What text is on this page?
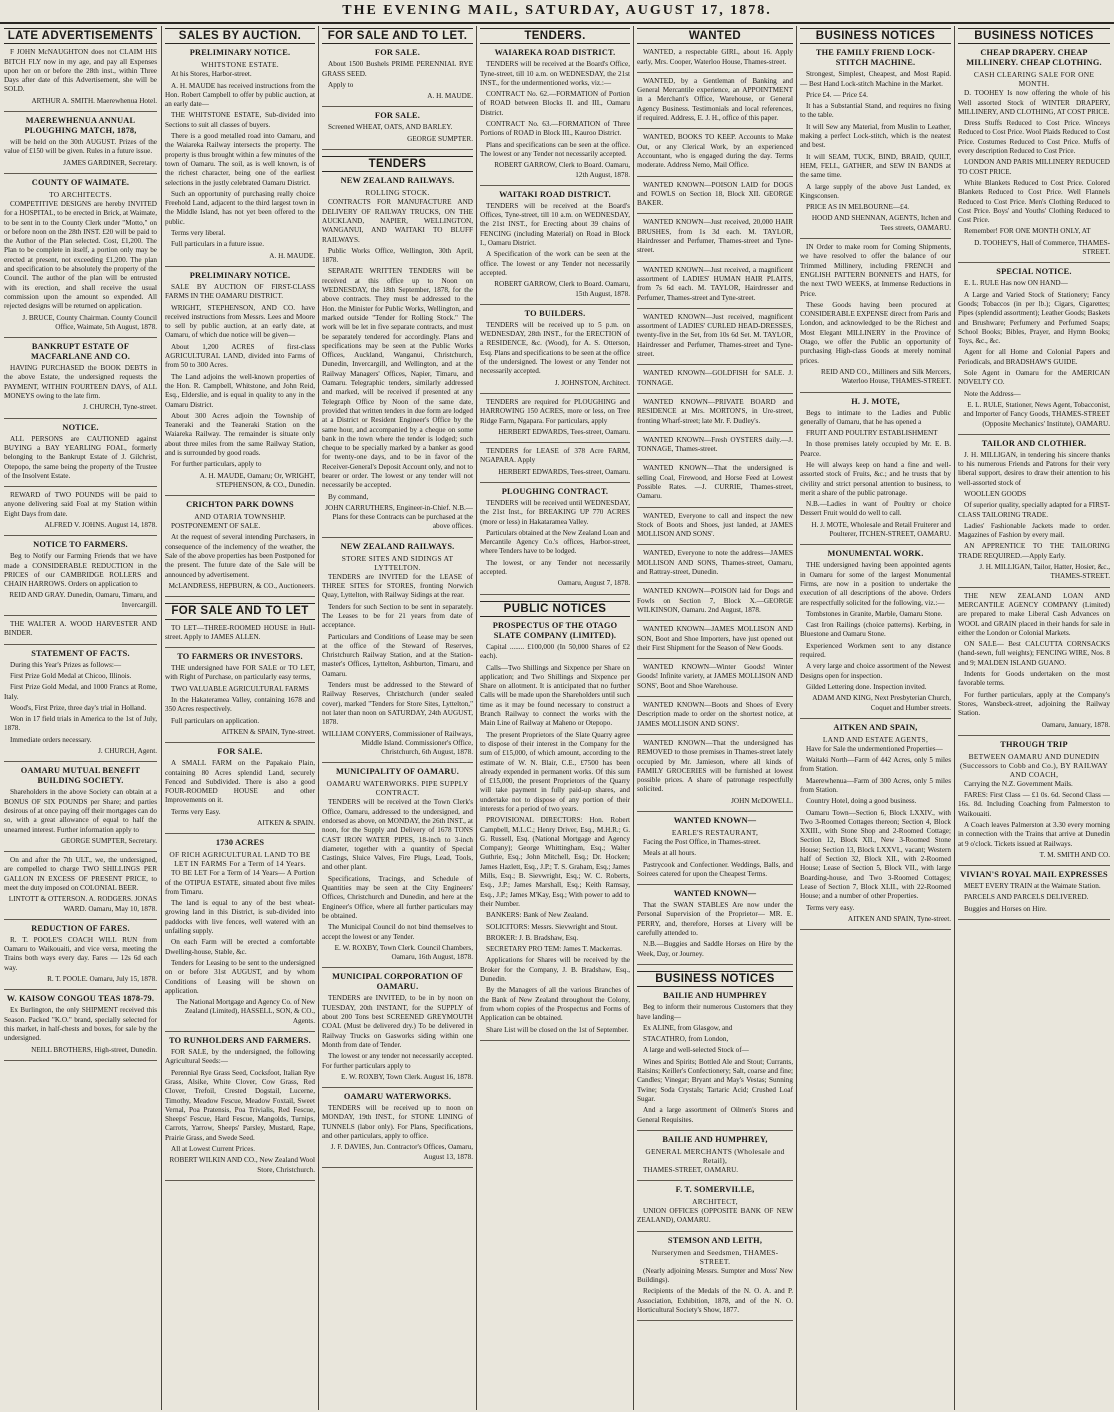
THE EVENING MAIL, SATURDAY, AUGUST 17, 1878.
LATE ADVERTISEMENTS

F JOHN McNAUGHTON does not CLAIM HIS BITCH FLY now in my age, and pay all Expenses upon her on or before the 28th inst., within Three Days after date of this Advertisement, she will be SOLD.

ARTHUR A. SMITH. Maerewhenua Hotel.

MAEREWHENUA ANNUAL PLOUGHING MATCH, 1878,

will be held on the 30th AUGUST. Prizes of the value of £150 will be given. Rules in a future issue.

JAMES GARDINER, Secretary.

COUNTY OF WAIMATE.
TO ARCHITECTS.

COMPETITIVE DESIGNS are hereby INVITED for a HOSPITAL, to be erected in Brick, at Waimate, to be sent in to the County Clerk under "Motto," on or before noon on the 28th INST. £20 will be paid to the Author of the Plan selected. Cost, £1,200. The Plan to be complete in itself, a portion only may be erected at present, not exceeding £1,200. The plan and specification to be absolutely the property of the Council. The author of the plan will be entrusted with its erection, and shall receive the usual commission upon the amount so expended. All rejected designs will be returned on application.

J. BRUCE, County Chairman. County Council Office, Waimate, 5th August, 1878.

BANKRUPT ESTATE OF MACFARLANE AND CO.

HAVING PURCHASED the BOOK DEBTS in the above Estate, the undersigned requests the PAYMENT, WITHIN FOURTEEN DAYS, of ALL MONEYS owing to the late firm.

J. CHURCH, Tyne-street.

NOTICE.

ALL PERSONS are CAUTIONED against BUYING a BAY YEARLING FOAL, formerly belonging to the Bankrupt Estate of J. Gilchrist, Otepopo, the same being the property of the Trustee of the Insolvent Estate.

REWARD of TWO POUNDS will be paid to anyone delivering said Foal at my Station within Eight Days from date.

ALFRED V. JOHNS. August 14, 1878.

NOTICE TO FARMERS.

Beg to Notify our Farming Friends that we have made a CONSIDERABLE REDUCTION in the PRICES of our CAMBRIDGE ROLLERS and CHAIN HARROWS. Orders on application to

REID AND GRAY. Dunedin, Oamaru, Timaru, and Invercargill.

THE WALTER A. WOOD HARVESTER AND BINDER.

STATEMENT OF FACTS.

During this Year's Prizes as follows:—

First Prize Gold Medal at Chicoo, Illinois.

First Prize Gold Medal, and 1000 Francs at Rome, Italy.

Wood's, First Prize, three day's trial in Holland.

Won in 17 field trials in America to the 1st of July, 1878.

Immediate orders necessary.

J. CHURCH, Agent.

OAMARU MUTUAL BENEFIT BUILDING SOCIETY.

Shareholders in the above Society can obtain at a BONUS OF SIX POUNDS per Share; and parties desirous of at once paying off their mortgages can do so, with a great allowance of equal to half the unearned interest. Further information apply to

GEORGE SUMPTER, Secretary.

On and after the 7th ULT., we, the undersigned, are compelled to charge TWO SHILLINGS PER GALLON IN EXCESS OF PRESENT PRICE, to meet the duty imposed on COLONIAL BEER.

LINTOTT & OTTERSON. A. RODGERS. JONAS WARD. Oamaru, May 10, 1878.

REDUCTION OF FARES.

R. T. POOLE'S COACH WILL RUN from Oamaru to Waikouaiti, and vice versa, meeting the Trains both ways every day. Fares — 12s 6d each way.

R. T. POOLE. Oamaru, July 15, 1878.

W. KAISOW CONGOU TEAS 1878-79.

Ex Burlington, the only SHIPMENT received this Season. Packed "K.O." brand, specially selected for this market, in half-chests and boxes, for sale by the undersigned.

NEILL BROTHERS, High-street, Dunedin.

SALES BY AUCTION.
PRELIMINARY NOTICE.
WHITSTONE ESTATE.

At his Stores, Harbor-street.

A. H. MAUDE has received instructions from the Hon. Robert Campbell to offer by public auction, at an early date—

THE WHITSTONE ESTATE, Sub-divided into Sections to suit all classes of buyers.

There is a good metalled road into Oamaru, and the Waiareka Railway intersects the property. The property is thus brought within a few minutes of the town of Oamaru. The soil, as is well known, is of the richest character, being one of the earliest selections in the justly celebrated Oamaru District.

Such an opportunity of purchasing really choice Freehold Land, adjacent to the third largest town in the Middle Island, has not yet been offered to the public.

Terms very liberal.

Full particulars in a future issue.

A. H. MAUDE.

PRELIMINARY NOTICE.

SALE BY AUCTION OF FIRST-CLASS FARMS IN THE OAMARU DISTRICT.

WRIGHT, STEPHENSON, AND CO. have received instructions from Messrs. Lees and Moore to sell by public auction, at an early date, at Oamaru, of which due notice will be given—

About 1,200 ACRES of first-class AGRICULTURAL LAND, divided into Farms of from 50 to 300 Acres.

The Land adjoins the well-known properties of the Hon. R. Campbell, Whitstone, and John Reid, Esq., Elderslie, and is equal in quality to any in the Oamaru District.

About 300 Acres adjoin the Township of Teaneraki and the Teaneraki Station on the Waiareka Railway. The remainder is situate only about three miles from the same Railway Station, and is surrounded by good roads.

For further particulars, apply to

A. H. MAUDE, Oamaru; Or, WRIGHT, STEPHENSON, & CO., Dunedin.

CRICHTON PARK DOWNS
AND OTARIA TOWNSHIP.

POSTPONEMENT OF SALE.

At the request of several intending Purchasers, in consequence of the inclemency of the weather, the Sale of the above properties has been Postponed for the present. The future date of the Sale will be announced by advertisement.

McLANDRESS, HEPBURN, & CO., Auctioneers.

FOR SALE AND TO LET

TO LET—THREE-ROOMED HOUSE in Hull-street. Apply to JAMES ALLEN.

TO FARMERS OR INVESTORS.

THE undersigned have FOR SALE or TO LET, with Right of Purchase, on particularly easy terms,

TWO VALUABLE AGRICULTURAL FARMS

In the Hakateramea Valley, containing 1678 and 350 Acres respectively.

Full particulars on application.

AITKEN & SPAIN, Tyne-street.

FOR SALE.

A SMALL FARM on the Papakaio Plain, containing 80 Acres splendid Land, securely Fenced and Subdivided. There is also a good FOUR-ROOMED HOUSE and other Improvements on it.

Terms very Easy.

AITKEN & SPAIN.

1730 ACRES
OF RICH AGRICULTURAL LAND TO BE LET IN FARMS For a Term of 14 Years.

TO BE LET For a Term of 14 Years— A Portion of the OTIPUA ESTATE, situated about five miles from Timaru.

The land is equal to any of the best wheat-growing land in this District, is sub-divided into paddocks with live fences, well watered with an unfailing supply.

On each Farm will be erected a comfortable Dwelling-house, Stable, &c.

Tenders for Leasing to be sent to the undersigned on or before 31st AUGUST, and by whom Conditions of Leasing will be shown on application.

The National Mortgage and Agency Co. of New Zealand (Limited), HASSELL, SON, & CO., Agents.

TO RUNHOLDERS AND FARMERS.

FOR SALE, by the undersigned, the following Agricultural Seeds:—

Perennial Rye Grass Seed, Cocksfoot, Italian Rye Grass, Alsike, White Clover, Cow Grass, Red Clover, Trefoil, Crested Dogstail, Lucerne, Timothy, Meadow Fescue, Meadow Foxtail, Sweet Vernal, Poa Pratensis, Poa Trivialis, Red Fescue, Sheeps' Fescue, Hard Fescue, Mangolds, Turnips, Carrots, Yarrow, Sheeps' Parsley, Mustard, Rape, Prairie Grass, and Swede Seed.

All at Lowest Current Prices.

ROBERT WILKIN AND CO., New Zealand Wool Store, Christchurch.

FOR SALE AND TO LET.
FOR SALE.

About 1500 Bushels PRIME PERENNIAL RYE GRASS SEED.

Apply to

A. H. MAUDE.

FOR SALE.

Screened WHEAT, OATS, AND BARLEY.

GEORGE SUMPTER.

TENDERS
NEW ZEALAND RAILWAYS.
ROLLING STOCK.

CONTRACTS FOR MANUFACTURE AND DELIVERY OF RAILWAY TRUCKS, ON THE AUCKLAND, NAPIER, WELLINGTON, WANGANUI, AND WAITAKI TO BLUFF RAILWAYS.

Public Works Office, Wellington, 30th April, 1878.

SEPARATE WRITTEN TENDERS will be received at this office up to Noon on WEDNESDAY, the 18th September, 1878, for the above contracts. They must be addressed to the Hon. the Minister for Public Works, Wellington, and marked outside "Tender for Rolling Stock." The work will be let in five separate contracts, and must be separately tendered for accordingly. Plans and specifications may be seen at the Public Works Offices, Auckland, Wanganui, Christchurch, Dunedin, Invercargill, and Wellington, and at the Railway Managers' Offices, Napier, Timaru, and Oamaru. Telegraphic tenders, similarly addressed and marked, will be received if presented at any Telegraph Office by Noon of the same date, provided that written tenders in due form are lodged at a District or Resident Engineer's Office by the same hour, and accompanied by a cheque on some bank in the town where the tender is lodged; such cheque to be specially marked by a banker as good for twenty-one days, and to be in favor of the Receiver-General's Deposit Account only, and not to bearer or order. The lowest or any tender will not necessarily be accepted.

By command,

JOHN CARRUTHERS, Engineer-in-Chief. N.B.—Plans for these Contracts can be purchased at the above offices.

NEW ZEALAND RAILWAYS.
STORE SITES AND SIDINGS AT LYTTELTON.

TENDERS are INVITED for the LEASE of THREE SITES for STORES, fronting Norwich Quay, Lyttelton, with Railway Sidings at the rear.

Tenders for such Section to be sent in separately. The Leases to be for 21 years from date of acceptance.

Particulars and Conditions of Lease may be seen at the office of the Steward of Reserves, Christchurch Railway Station, and at the Station-master's Offices, Lyttelton, Ashburton, Timaru, and Oamaru.

Tenders must be addressed to the Steward of Railway Reserves, Christchurch (under sealed cover), marked "Tenders for Store Sites, Lyttelton," not later than noon on SATURDAY, 24th AUGUST, 1878.

WILLIAM CONYERS, Commissioner of Railways, Middle Island. Commissioner's Office, Christchurch, 6th August, 1878.

MUNICIPALITY OF OAMARU.
OAMARU WATERWORKS. PIPE SUPPLY CONTRACT.

TENDERS will be received at the Town Clerk's Office, Oamaru, addressed to the undersigned, and endorsed as above, on MONDAY, the 26th INST., at noon, for the Supply and Delivery of 1678 TONS CAST IRON WATER PIPES, 18-inch to 3-inch diameter, together with a quantity of Special Castings, Sluice Valves, Fire Plugs, Lead, Tools, and other plant.

Specifications, Tracings, and Schedule of Quantities may be seen at the City Engineers' Offices, Christchurch and Dunedin, and here at the Engineer's Office, where all further particulars may be obtained.

The Municipal Council do not bind themselves to accept the lowest or any Tender.

E. W. ROXBY, Town Clerk. Council Chambers, Oamaru, 16th August, 1878.

MUNICIPAL CORPORATION OF OAMARU.

TENDERS are INVITED, to be in by noon on TUESDAY, 20th INSTANT, for the SUPPLY of about 200 Tons best SCREENED GREYMOUTH COAL (Must be delivered dry.) To be delivered in Railway Trucks on Gasworks siding within one Month from date of Tender.

The lowest or any tender not necessarily accepted. For further particulars apply to

E. W. ROXBY, Town Clerk. August 16, 1878.

OAMARU WATERWORKS.

TENDERS will be received up to noon on MONDAY, 19th INST., for STONE LINING of TUNNELS (labor only). For Plans, Specifications, and other particulars, apply to office.

J. F. DAVIES, Jun. Contractor's Offices, Oamaru, August 13, 1878.

TENDERS.
WAIAREKA ROAD DISTRICT.

TENDERS will be received at the Board's Office, Tyne-street, till 10 a.m. on WEDNESDAY, the 21st INST., for the undermentioned works, viz.:—

CONTRACT No. 62.—FORMATION of Portion of ROAD between Blocks II. and III., Oamaru District.

CONTRACT No. 63.—FORMATION of Three Portions of ROAD in Block III., Kauroo District.

Plans and specifications can be seen at the office. The lowest or any Tender not necessarily accepted.

ROBERT GARROW, Clerk to Board. Oamaru, 12th August, 1878.

WAITAKI ROAD DISTRICT.

TENDERS will be received at the Board's Offices, Tyne-street, till 10 a.m. on WEDNESDAY, the 21st INST., for Erecting about 39 chains of FENCING (including Material) on Road in Block I., Oamaru District.

A Specification of the work can be seen at the office. The lowest or any Tender not necessarily accepted.

ROBERT GARROW, Clerk to Board. Oamaru, 15th August, 1878.

TO BUILDERS.

TENDERS will be received up to 5 p.m. on WEDNESDAY, 28th INST., for the ERECTION of a RESIDENCE, &c. (Wood), for A. S. Otterson, Esq. Plans and specifications to be seen at the office of the undersigned. The lowest or any Tender not necessarily accepted.

J. JOHNSTON, Architect.

TENDERS are required for PLOUGHING and HARROWING 150 ACRES, more or less, on Tree Ridge Farm, Ngapara. For particulars, apply

HERBERT EDWARDS, Tees-street, Oamaru.

TENDERS for LEASE of 378 Acre FARM, NGAPARA. Apply

HERBERT EDWARDS, Tees-street, Oamaru.

PLOUGHING CONTRACT.

TENDERS will be received until WEDNESDAY, the 21st Inst., for BREAKING UP 770 ACRES (more or less) in Hakataramea Valley.

Particulars obtained at the New Zealand Loan and Mercantile Agency Co.'s offices, Harbor-street, where Tenders have to be lodged.

The lowest, or any Tender not necessarily accepted.

Oamaru, August 7, 1878.

PUBLIC NOTICES
PROSPECTUS OF THE OTAGO SLATE COMPANY (LIMITED).

Capital ........ £100,000 (In 50,000 Shares of £2 each).

Calls—Two Shillings and Sixpence per Share on application; and Two Shillings and Sixpence per Share on allotment. It is anticipated that no further Calls will be made upon the Shareholders until such time as it may be found necessary to construct a Branch Railway to connect the works with the Main Line of Railway at Maheno or Otepopo.

The present Proprietors of the Slate Quarry agree to dispose of their interest in the Company for the sum of £15,000, of which amount, according to the estimate of W. N. Blair, C.E., £7500 has been already expended in permanent works. Of this sum of £15,000, the present Proprietors of the Quarry will take payment in fully paid-up shares, and undertake not to dispose of any portion of their interests for a period of two years.

PROVISIONAL DIRECTORS: Hon. Robert Campbell, M.L.C.; Henry Driver, Esq., M.H.R.; G. G. Russell, Esq. (National Mortgage and Agency Company); George Whittingham, Esq.; Walter Guthrie, Esq.; John Mitchell, Esq.; Dr. Hocken; James Hazlett, Esq., J.P.; T. S. Graham, Esq.; James Mills, Esq.; B. Sievwright, Esq.; W. C. Roberts, Esq., J.P.; James Marshall, Esq.; Keith Ramsay, Esq., J.P.; James M'Kay, Esq.; With power to add to their Number.

BANKERS: Bank of New Zealand.

SOLICITORS: Messrs. Sievwright and Stout.

BROKER: J. B. Bradshaw, Esq.

SECRETARY PRO TEM: James T. Mackerras.

Applications for Shares will be received by the Broker for the Company, J. B. Bradshaw, Esq., Dunedin.

By the Managers of all the various Branches of the Bank of New Zealand throughout the Colony, from whom copies of the Prospectus and Forms of Application can be obtained.

Share List will be closed on the 1st of September.

WANTED

WANTED, a respectable GIRL, about 16. Apply early, Mrs. Cooper, Waterloo House, Thames-street.

WANTED, by a Gentleman of Banking and General Mercantile experience, an APPOINTMENT in a Merchant's Office, Warehouse, or General Agency Business. Testimonials and local references, if required. Address, E. J. H., office of this paper.

WANTED, BOOKS TO KEEP. Accounts to Make Out, or any Clerical Work, by an experienced Accountant, who is engaged during the day. Terms moderate. Address Nemo, Mail Office.

WANTED KNOWN—POISON LAID for DOGS and FOWLS on Section 18, Block XII. GEORGE BAKER.

WANTED KNOWN—Just received, 20,000 HAIR BRUSHES, from 1s 3d each. M. TAYLOR, Hairdresser and Perfumer, Thames-street and Tyne-street.

WANTED KNOWN—Just received, a magnificent assortment of LADIES' HUMAN HAIR PLAITS, from 7s 6d each. M. TAYLOR, Hairdresser and Perfumer, Thames-street and Tyne-street.

WANTED KNOWN—Just received, magnificent assortment of LADIES' CURLED HEAD-DRESSES, twenty-five in the Set, from 10s 6d Set. M. TAYLOR, Hairdresser and Perfumer, Thames-street and Tyne-street.

WANTED KNOWN—GOLDFISH for SALE. J. TONNAGE.

WANTED KNOWN—PRIVATE BOARD and RESIDENCE at Mrs. MORTON'S, in Ure-street, fronting Wharf-street; late Mr. F. Dudley's.

WANTED KNOWN—Fresh OYSTERS daily.—J. TONNAGE, Thames-street.

WANTED KNOWN—That the undersigned is selling Coal, Firewood, and Horse Feed at Lowest Possible Rates. —J. CURRIE, Thames-street, Oamaru.

WANTED, Everyone to call and inspect the new Stock of Boots and Shoes, just landed, at JAMES MOLLISON AND SONS'.

WANTED, Everyone to note the address—JAMES MOLLISON AND SONS, Thames-street, Oamaru, and Rattray-street, Dunedin.

WANTED KNOWN—POISON laid for Dogs and Fowls on Section 7, Block X.—GEORGE WILKINSON, Oamaru. 2nd August, 1878.

WANTED KNOWN—JAMES MOLLISON AND SON, Boot and Shoe Importers, have just opened out their First Shipment for the Season of New Goods.

WANTED KNOWN—Winter Goods! Winter Goods! Infinite variety, at JAMES MOLLISON AND SONS', Boot and Shoe Warehouse.

WANTED KNOWN—Boots and Shoes of Every Description made to order on the shortest notice, at JAMES MOLLISON AND SONS'.

WANTED KNOWN—That the undersigned has REMOVED to those premises in Thames-street lately occupied by Mr. Jamieson, where all kinds of FAMILY GROCERIES will be furnished at lowest possible prices. A share of patronage respectfully solicited.

JOHN McDOWELL.

WANTED KNOWN—
EARLE'S RESTAURANT,

Facing the Post Office, in Thames-street.

Meals at all hours.

Pastrycook and Confectioner. Weddings, Balls, and Soirees catered for upon the Cheapest Terms.

WANTED KNOWN—

That the SWAN STABLES Are now under the Personal Supervision of the Proprietor— MR. E. PERRY, and, therefore, Horses at Livery will be carefully attended to.

N.B.—Buggies and Saddle Horses on Hire by the Week, Day, or Journey.

BUSINESS NOTICES
BAILIE AND HUMPHREY

Beg to inform their numerous Customers that they have landing—

Ex ALINE, from Glasgow, and

STACATHRO, from London,

A large and well-selected Stock of—

Wines and Spirits; Bottled Ale and Stout; Currants, Raisins; Keiller's Confectionery; Salt, coarse and fine; Candles; Vinegar; Bryant and May's Vestas; Sunning Twine; Soda Crystals; Tartaric Acid; Crushed Loaf Sugar.

And a large assortment of Oilmen's Stores and General Requisites.

BAILIE AND HUMPHREY,
GENERAL MERCHANTS (Wholesale and Retail),

THAMES-STREET, OAMARU.

F. T. SOMERVILLE,
ARCHITECT,

UNION OFFICES (OPPOSITE BANK OF NEW ZEALAND), OAMARU.

STEMSON AND LEITH,
Nurserymen and Seedsmen, THAMES-STREET.

(Nearly adjoining Messrs. Sumpter and Moss' New Buildings).

Recipients of the Medals of the N. O. A. and P. Association, Exhibition, 1878, and of the N. O. Horticultural Society's Show, 1877.

BUSINESS NOTICES
THE FAMILY FRIEND LOCK-STITCH MACHINE.

Strongest, Simplest, Cheapest, and Most Rapid. — Best Hand Lock-stitch Machine in the Market.

Price £4. — Price £4.

It has a Substantial Stand, and requires no fixing to the table.

It will Sew any Material, from Muslin to Leather, making a perfect Lock-stitch, which is the neatest and best.

It will SEAM, TUCK, BIND, BRAID, QUILT, HEM, FELL, GATHER, and SEW IN BANDS at the same time.

A large supply of the above Just Landed, ex Kingsconsen.

PRICE AS IN MELBOURNE—£4.

HOOD AND SHENNAN, AGENTS, Itchen and Tees streets, OAMARU.

IN Order to make room for Coming Shipments, we have resolved to offer the balance of our Trimmed Millinery, including FRENCH and ENGLISH PATTERN BONNETS and HATS, for the next TWO WEEKS, at Immense Reductions in Price.

These Goods having been procured at CONSIDERABLE EXPENSE direct from Paris and London, and acknowledged to be the Richest and Most Elegant MILLINERY in the Province of Otago, we offer the Public an opportunity of purchasing High-class Goods at merely nominal prices.

REID AND CO., Milliners and Silk Mercers, Waterloo House, THAMES-STREET.

H. J. MOTE,

Begs to intimate to the Ladies and Public generally of Oamaru, that he has opened a

FRUIT AND POULTRY ESTABLISHMENT

In those premises lately occupied by Mr. E. B. Pearce.

He will always keep on hand a fine and well-assorted stock of Fruits, &c.; and he trusts that by civility and strict personal attention to business, to merit a share of the public patronage.

N.B.—Ladies in want of Poultry or choice Dessert Fruit would do well to call.

H. J. MOTE, Wholesale and Retail Fruiterer and Poulterer, ITCHEN-STREET, OAMARU.

MONUMENTAL WORK.

THE undersigned having been appointed agents in Oamaru for some of the largest Monumental Firms, are now in a position to undertake the execution of all descriptions of the above. Orders are respectfully solicited for the following, viz.:—

Tombstones in Granite, Marble, Oamaru Stone.

Cast Iron Railings (choice patterns). Kerbing, in Bluestone and Oamaru Stone.

Experienced Workmen sent to any distance required.

A very large and choice assortment of the Newest Designs open for inspection.

Gilded Lettering done. Inspection invited.

ADAM AND KING, Next Presbyterian Church, Coquet and Humber streets.

AITKEN AND SPAIN,
LAND AND ESTATE AGENTS,

Have for Sale the undermentioned Properties—

Waitaki North—Farm of 442 Acres, only 5 miles from Station.

Maerewhenua—Farm of 300 Acres, only 5 miles from Station.

Country Hotel, doing a good business.

Oamaru Town—Section 6, Block LXXIV., with Two 3-Roomed Cottages thereon; Section 4, Block XXIII., with Stone Shop and 2-Roomed Cottage; Section 12, Block XII., New 3-Roomed Stone House; Section 13, Block LXXVI., vacant; Western half of Section 32, Block XII., with 2-Roomed House; Lease of Section 5, Block VII., with large Boarding-house, and Two 3-Roomed Cottages; Lease of Section 7, Block XLII., with 22-Roomed House; and a number of other Properties.

Terms very easy.

AITKEN AND SPAIN, Tyne-street.

BUSINESS NOTICES
CHEAP DRAPERY. CHEAP MILLINERY. CHEAP CLOTHING.
CASH CLEARING SALE FOR ONE MONTH.

D. TOOHEY Is now offering the whole of his Well assorted Stock of WINTER DRAPERY, MILLINERY, AND CLOTHING, AT COST PRICE.

Dress Stuffs Reduced to Cost Price. Winceys Reduced to Cost Price. Wool Plaids Reduced to Cost Price. Costumes Reduced to Cost Price. Muffs of every description Reduced to Cost Price.

LONDON AND PARIS MILLINERY REDUCED TO COST PRICE.

White Blankets Reduced to Cost Price. Colored Blankets Reduced to Cost Price. Well Flannels Reduced to Cost Price. Men's Clothing Reduced to Cost Price. Boys' and Youths' Clothing Reduced to Cost Price.

Remember! FOR ONE MONTH ONLY, AT

D. TOOHEY'S, Hall of Commerce, THAMES-STREET.

SPECIAL NOTICE.

E. L. RULE Has now ON HAND—

A Large and Varied Stock of Stationery; Fancy Goods; Tobaccos (in per lb.); Cigars, Cigarettes; Pipes (splendid assortment); Leather Goods; Baskets and Brushware; Perfumery and Perfumed Soaps; School Books; Bibles, Prayer, and Hymn Books; Toys, &c., &c.

Agent for all Home and Colonial Papers and Periodicals, and BRADSHAW'S GUIDE.

Sole Agent in Oamaru for the AMERICAN NOVELTY CO.

Note the Address—

E. L. RULE, Stationer, News Agent, Tobacconist, and Importer of Fancy Goods, THAMES-STREET (Opposite Mechanics' Institute), OAMARU.

TAILOR AND CLOTHIER.

J. H. MILLIGAN, in tendering his sincere thanks to his numerous Friends and Patrons for their very liberal support, desires to draw their attention to his well-assorted stock of

WOOLLEN GOODS

Of superior quality, specially adapted for a FIRST-CLASS TAILORING TRADE.

Ladies' Fashionable Jackets made to order. Magazines of Fashion by every mail.

AN APPRENTICE TO THE TAILORING TRADE REQUIRED.—Apply Early.

J. H. MILLIGAN, Tailor, Hatter, Hosier, &c., THAMES-STREET.

THE NEW ZEALAND LOAN AND MERCANTILE AGENCY COMPANY (Limited) are prepared to make Liberal Cash Advances on WOOL and GRAIN placed in their hands for sale in either the London or Colonial Markets.

ON SALE— Best CALCUTTA CORNSACKS (hand-sewn, full weights); FENCING WIRE, Nos. 8 and 9; MALDEN ISLAND GUANO.

Indents for Goods undertaken on the most favorable terms.

For further particulars, apply at the Company's Stores, Wansbeck-street, adjoining the Railway Station.

Oamaru, January, 1878.

THROUGH TRIP
BETWEEN OAMARU AND DUNEDIN (Successors to Cobb and Co.), BY RAILWAY AND COACH,

Carrying the N.Z. Government Mails.

FARES: First Class — £1 0s. 6d. Second Class — 16s. 8d. Including Coaching from Palmerston to Waikouaiti.

A Coach leaves Palmerston at 3.30 every morning in connection with the Trains that arrive at Dunedin at 9 o'clock. Tickets issued at Railways.

T. M. SMITH AND CO.

VIVIAN'S ROYAL MAIL EXPRESSES

MEET EVERY TRAIN at the Waimate Station.

PARCELS AND PARCELS DELIVERED.

Buggies and Horses on Hire.
